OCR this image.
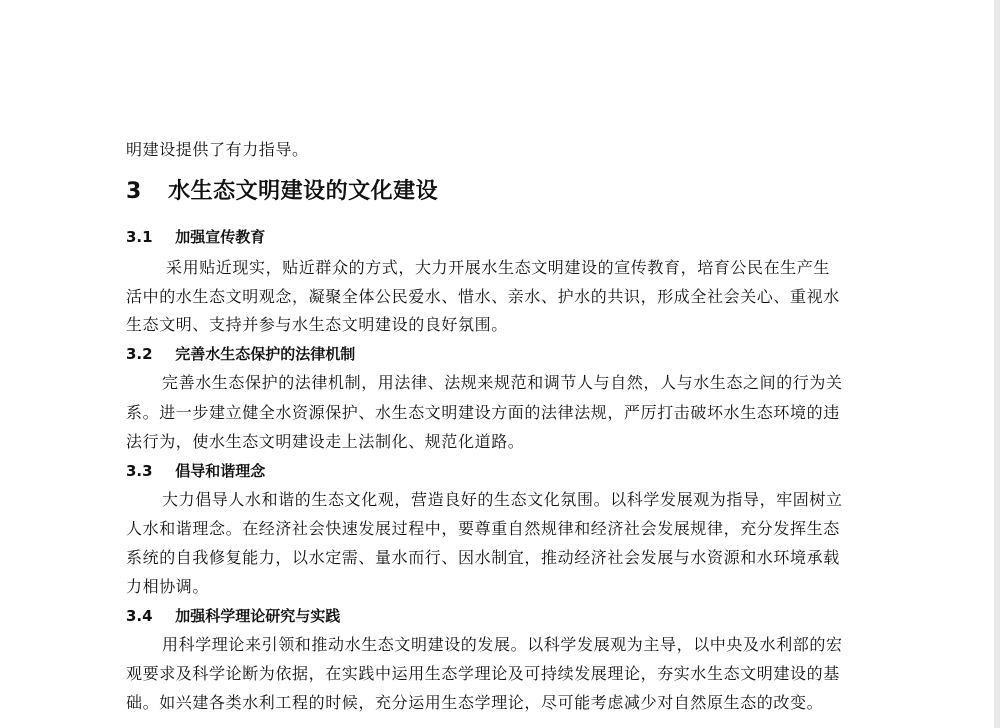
明建设提供了有力指导。
3 水生态文明建设的文化建设
3.1 加强宣传教育
采用贴近现实，贴近群众的方式，大力开展水生态文明建设的宣传教育，培育公民在生产生
活中的水生态文明观念，凝聚全体公民爱水、惜水、亲水、护水的共识，形成全社会关心、重视水
生态文明、支持并参与水生态文明建设的良好氛围。
3.2 完善水生态保护的法律机制
完善水生态保护的法律机制，用法律、法规来规范和调节人与自然，人与水生态之间的行为关
系。进一步建立健全水资源保护、水生态文明建设方面的法律法规，严厉打击破坏水生态环境的违
法行为，使水生态文明建设走上法制化、规范化道路。
3.3 倡导和谐理念
大力倡导人水和谐的生态文化观，营造良好的生态文化氛围。以科学发展观为指导，牢固树立
人水和谐理念。在经济社会快速发展过程中，要尊重自然规律和经济社会发展规律，充分发挥生态
系统的自我修复能力，以水定需、量水而行、因水制宜，推动经济社会发展与水资源和水环境承载
力相协调。
3.4 加强科学理论研究与实践
用科学理论来引领和推动水生态文明建设的发展。以科学发展观为主导，以中央及水利部的宏
观要求及科学论断为依据，在实践中运用生态学理论及可持续发展理论，夯实水生态文明建设的基
础。如兴建各类水利工程的时候，充分运用生态学理论，尽可能考虑减少对自然原生态的改变。
